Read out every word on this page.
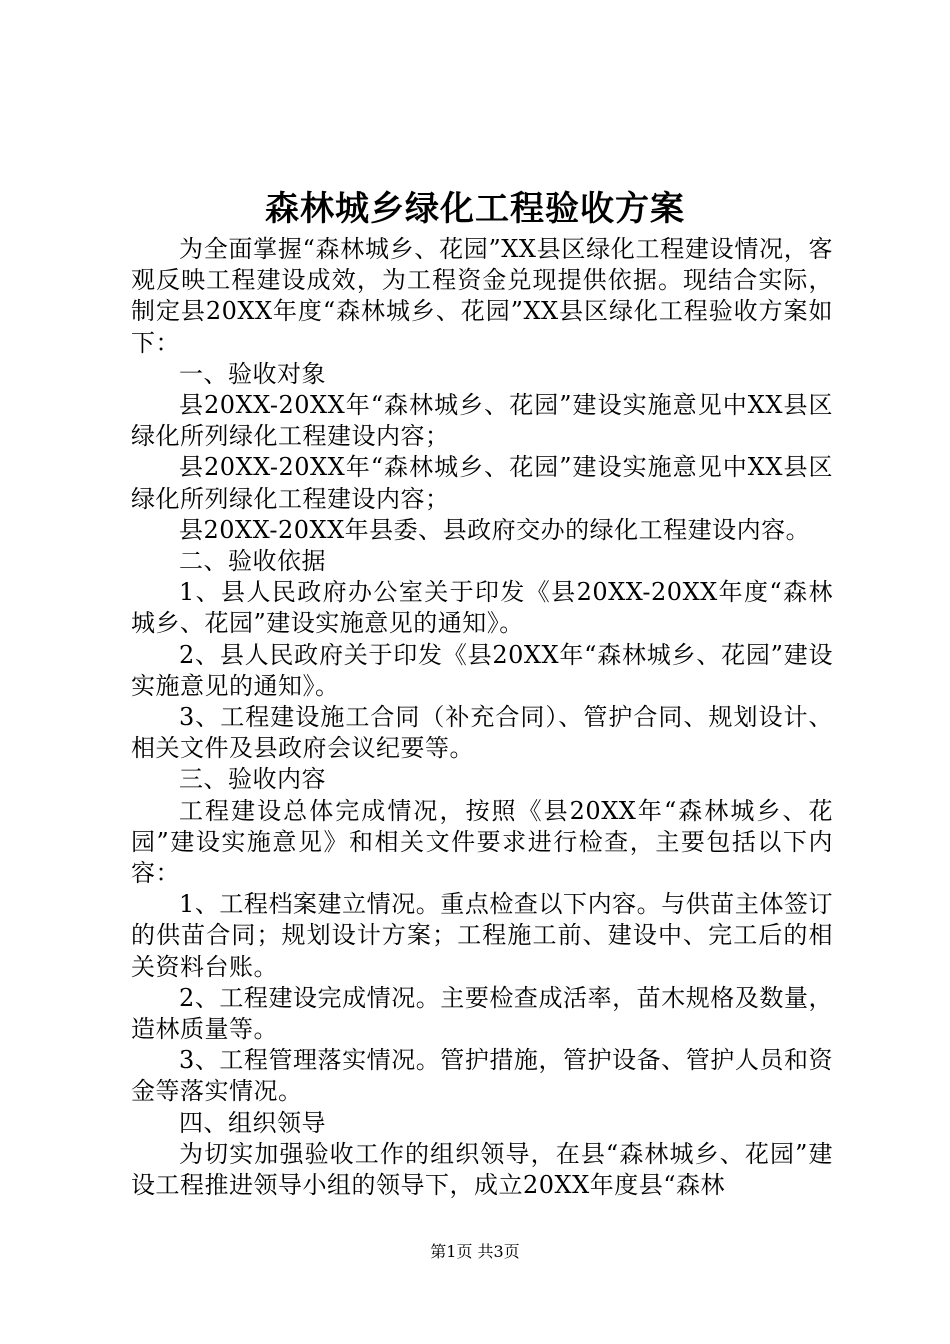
森林城乡绿化工程验收方案

为全面掌握“森林城乡、花园”XX县区绿化工程建设情况，客观反映工程建设成效，为工程资金兑现提供依据。现结合实际，制定县20XX年度“森林城乡、花园”XX县区绿化工程验收方案如下：

一、验收对象

县20XX-20XX年“森林城乡、花园”建设实施意见中XX县区绿化所列绿化工程建设内容；

县20XX-20XX年“森林城乡、花园”建设实施意见中XX县区绿化所列绿化工程建设内容；

县20XX-20XX年县委、县政府交办的绿化工程建设内容。

二、验收依据

1、县人民政府办公室关于印发《县20XX-20XX年度“森林城乡、花园”建设实施意见的通知》。

2、县人民政府关于印发《县20XX年“森林城乡、花园”建设实施意见的通知》。

3、工程建设施工合同（补充合同）、管护合同、规划设计、相关文件及县政府会议纪要等。

三、验收内容

工程建设总体完成情况，按照《县20XX年“森林城乡、花园”建设实施意见》和相关文件要求进行检查，主要包括以下内容：

1、工程档案建立情况。重点检查以下内容。与供苗主体签订的供苗合同；规划设计方案；工程施工前、建设中、完工后的相关资料台账。

2、工程建设完成情况。主要检查成活率，苗木规格及数量，造林质量等。

3、工程管理落实情况。管护措施，管护设备、管护人员和资金等落实情况。

四、组织领导

为切实加强验收工作的组织领导，在县“森林城乡、花园”建设工程推进领导小组的领导下，成立20XX年度县“森林

第1页 共3页
